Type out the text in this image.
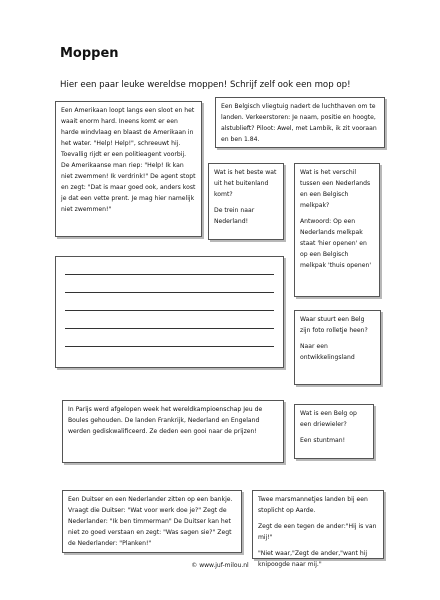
Moppen
Hier een paar leuke wereldse moppen! Schrijf zelf ook een mop op!

Een Amerikaan loopt langs een sloot en het waait enorm hard. Ineens komt er een harde windvlaag en blaast de Amerikaan in het water. "Help! Help!", schreeuwt hij. Toevallig rijdt er een politieagent voorbij. De Amerikaanse man riep: "Help! Ik kan niet zwemmen! Ik verdrink!" De agent stopt en zegt: "Dat is maar goed ook, anders kost je dat een vette prent. Je mag hier namelijk niet zwemmen!"

Een Belgisch vliegtuig nadert de luchthaven om te landen. Verkeerstoren: Je naam, positie en hoogte, alstublieft? Piloot: Awel, met Lambik, ik zit vooraan en ben 1.84.

Wat is het beste wat uit het buitenland komt?

De trein naar Nederland!

Wat is het verschil tussen een Nederlands en een Belgisch melkpak?

Antwoord: Op een Nederlands melkpak staat 'hier openen' en op een Belgisch melkpak 'thuis openen'

Waar stuurt een Belg zijn foto rolletje heen?

Naar een ontwikkelingsland

In Parijs werd afgelopen week het wereldkampioenschap Jeu de Boules gehouden. De landen Frankrijk, Nederland en Engeland werden gediskwalificeerd. Ze deden een gooi naar de prijzen!

Wat is een Belg op een driewieler?

Een stuntman!

Een Duitser en een Nederlander zitten op een bankje. Vraagt die Duitser: "Wat voor werk doe je?" Zegt de Nederlander: "Ik ben timmerman" De Duitser kan het niet zo goed verstaan en zegt: "Was sagen sie?" Zegt de Nederlander: "Planken!"

Twee marsmannetjes landen bij een stoplicht op Aarde.

Zegt de een tegen de ander:"Hij is van mij!"

"Niet waar,"Zegt de ander,"want hij knipoogde naar mij."

© www.juf-milou.nl
